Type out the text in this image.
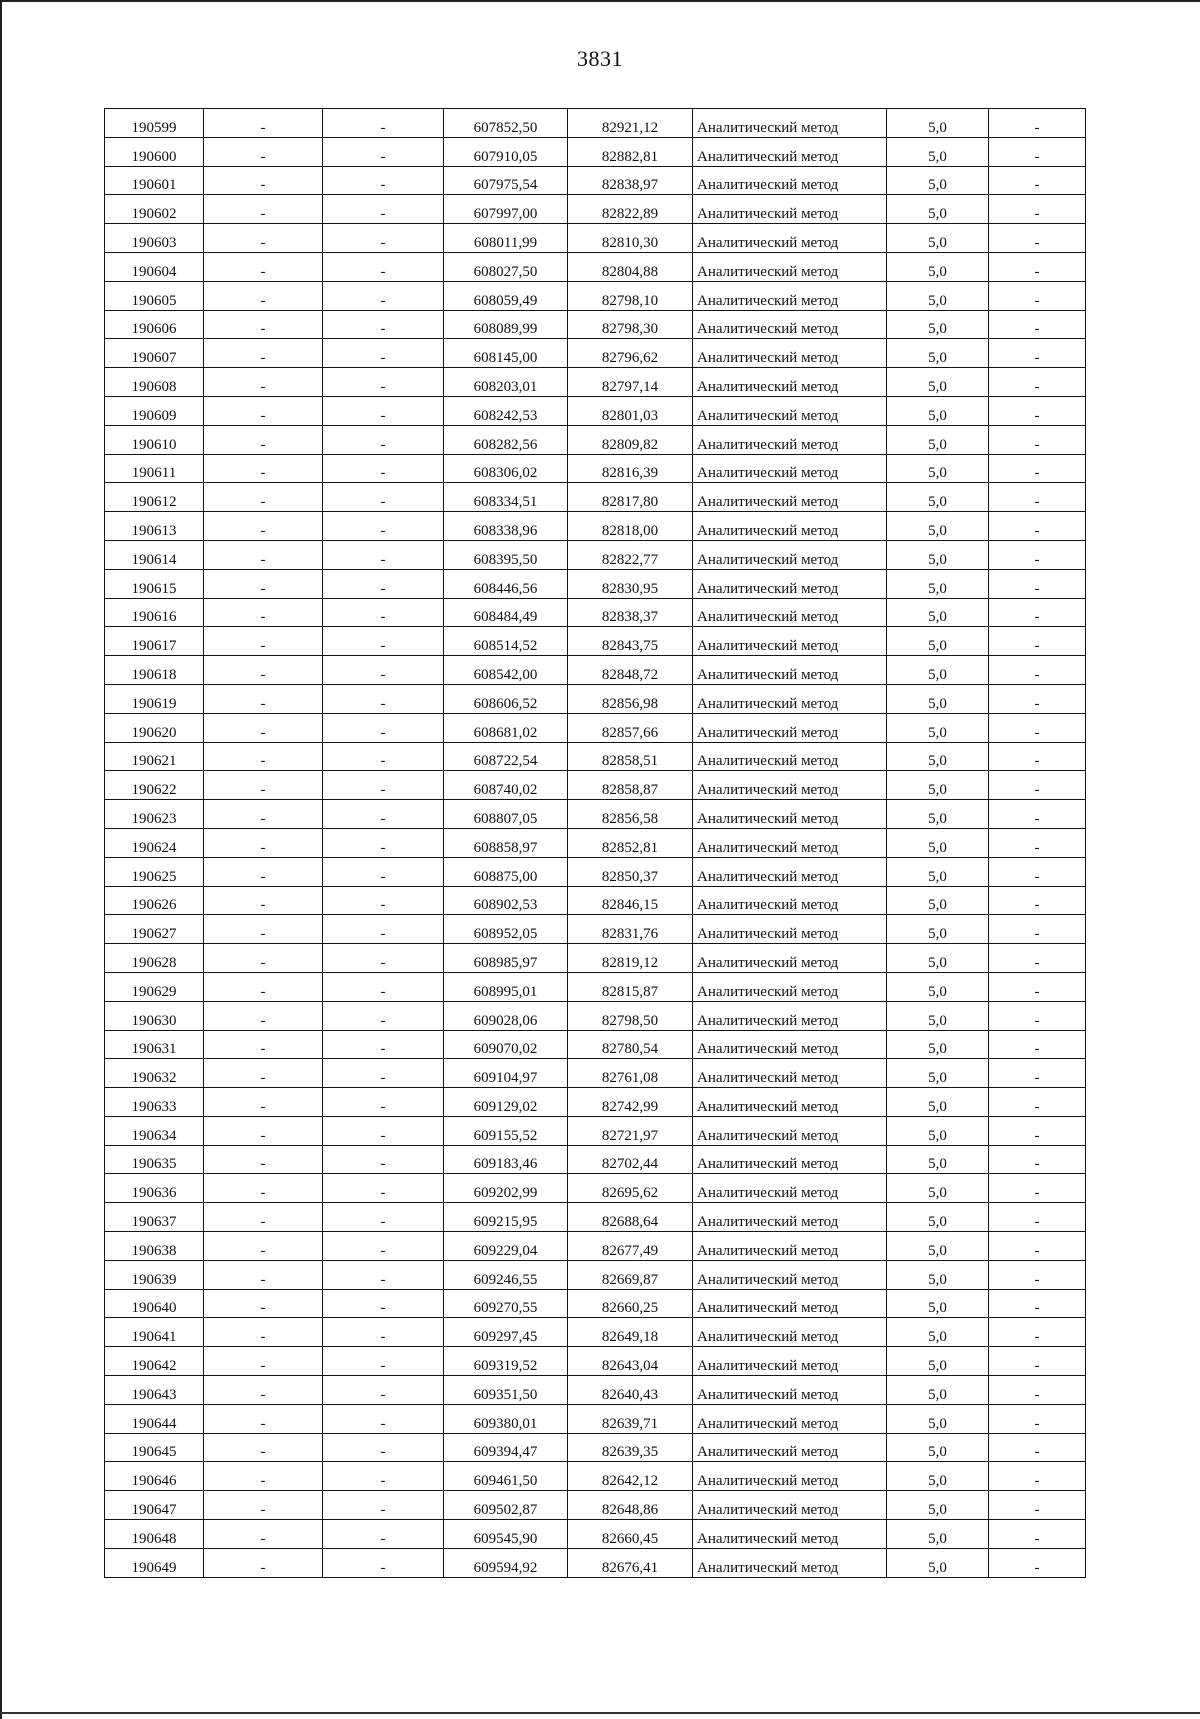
3831
190599	-	-	607852,50	82921,12	Аналитический метод	5,0	-
190600	-	-	607910,05	82882,81	Аналитический метод	5,0	-
190601	-	-	607975,54	82838,97	Аналитический метод	5,0	-
190602	-	-	607997,00	82822,89	Аналитический метод	5,0	-
190603	-	-	608011,99	82810,30	Аналитический метод	5,0	-
190604	-	-	608027,50	82804,88	Аналитический метод	5,0	-
190605	-	-	608059,49	82798,10	Аналитический метод	5,0	-
190606	-	-	608089,99	82798,30	Аналитический метод	5,0	-
190607	-	-	608145,00	82796,62	Аналитический метод	5,0	-
190608	-	-	608203,01	82797,14	Аналитический метод	5,0	-
190609	-	-	608242,53	82801,03	Аналитический метод	5,0	-
190610	-	-	608282,56	82809,82	Аналитический метод	5,0	-
190611	-	-	608306,02	82816,39	Аналитический метод	5,0	-
190612	-	-	608334,51	82817,80	Аналитический метод	5,0	-
190613	-	-	608338,96	82818,00	Аналитический метод	5,0	-
190614	-	-	608395,50	82822,77	Аналитический метод	5,0	-
190615	-	-	608446,56	82830,95	Аналитический метод	5,0	-
190616	-	-	608484,49	82838,37	Аналитический метод	5,0	-
190617	-	-	608514,52	82843,75	Аналитический метод	5,0	-
190618	-	-	608542,00	82848,72	Аналитический метод	5,0	-
190619	-	-	608606,52	82856,98	Аналитический метод	5,0	-
190620	-	-	608681,02	82857,66	Аналитический метод	5,0	-
190621	-	-	608722,54	82858,51	Аналитический метод	5,0	-
190622	-	-	608740,02	82858,87	Аналитический метод	5,0	-
190623	-	-	608807,05	82856,58	Аналитический метод	5,0	-
190624	-	-	608858,97	82852,81	Аналитический метод	5,0	-
190625	-	-	608875,00	82850,37	Аналитический метод	5,0	-
190626	-	-	608902,53	82846,15	Аналитический метод	5,0	-
190627	-	-	608952,05	82831,76	Аналитический метод	5,0	-
190628	-	-	608985,97	82819,12	Аналитический метод	5,0	-
190629	-	-	608995,01	82815,87	Аналитический метод	5,0	-
190630	-	-	609028,06	82798,50	Аналитический метод	5,0	-
190631	-	-	609070,02	82780,54	Аналитический метод	5,0	-
190632	-	-	609104,97	82761,08	Аналитический метод	5,0	-
190633	-	-	609129,02	82742,99	Аналитический метод	5,0	-
190634	-	-	609155,52	82721,97	Аналитический метод	5,0	-
190635	-	-	609183,46	82702,44	Аналитический метод	5,0	-
190636	-	-	609202,99	82695,62	Аналитический метод	5,0	-
190637	-	-	609215,95	82688,64	Аналитический метод	5,0	-
190638	-	-	609229,04	82677,49	Аналитический метод	5,0	-
190639	-	-	609246,55	82669,87	Аналитический метод	5,0	-
190640	-	-	609270,55	82660,25	Аналитический метод	5,0	-
190641	-	-	609297,45	82649,18	Аналитический метод	5,0	-
190642	-	-	609319,52	82643,04	Аналитический метод	5,0	-
190643	-	-	609351,50	82640,43	Аналитический метод	5,0	-
190644	-	-	609380,01	82639,71	Аналитический метод	5,0	-
190645	-	-	609394,47	82639,35	Аналитический метод	5,0	-
190646	-	-	609461,50	82642,12	Аналитический метод	5,0	-
190647	-	-	609502,87	82648,86	Аналитический метод	5,0	-
190648	-	-	609545,90	82660,45	Аналитический метод	5,0	-
190649	-	-	609594,92	82676,41	Аналитический метод	5,0	-
